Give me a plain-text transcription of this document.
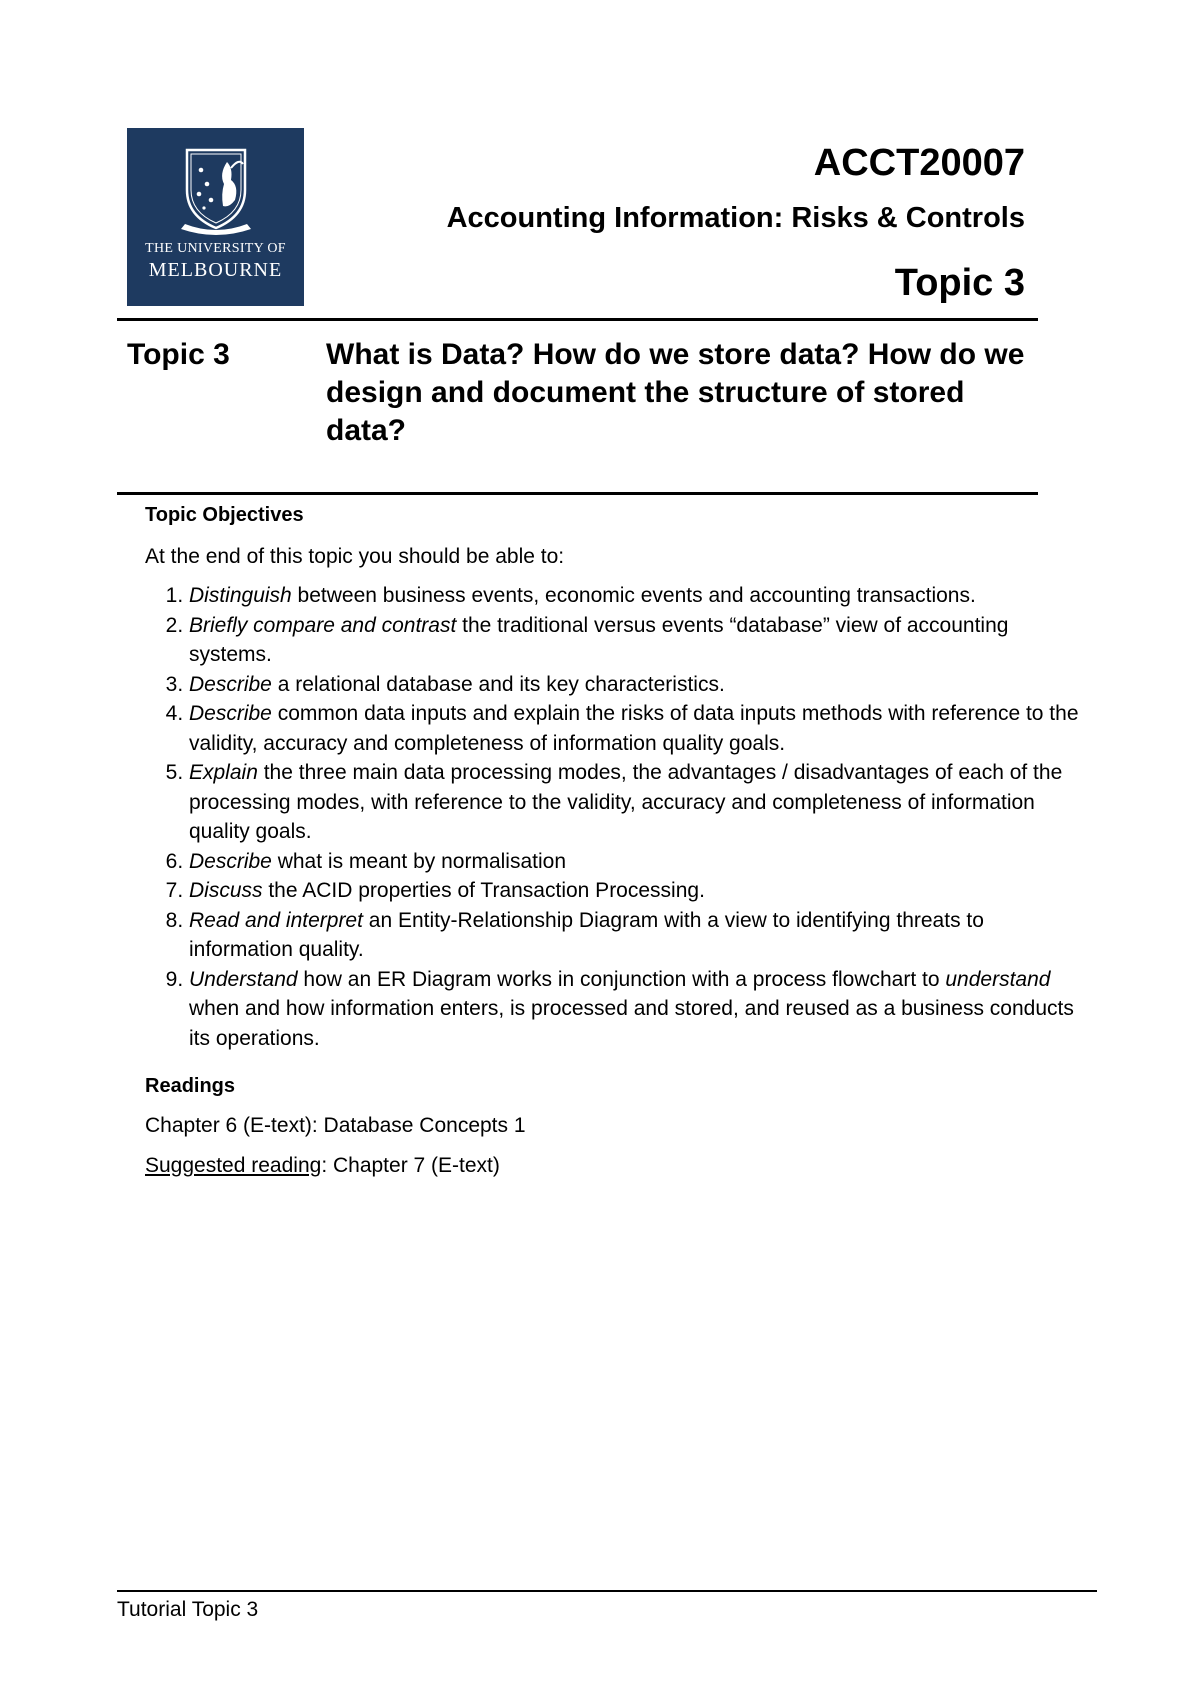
THE UNIVERSITY OF
MELBOURNE
ACCT20007
Accounting Information: Risks & Controls
Topic 3
Topic 3	What is Data? How do we store data? How do we design and document the structure of stored data?

Topic Objectives

At the end of this topic you should be able to:

1. Distinguish between business events, economic events and accounting transactions.
2. Briefly compare and contrast the traditional versus events “database” view of accounting systems.
3. Describe a relational database and its key characteristics.
4. Describe common data inputs and explain the risks of data inputs methods with reference to the validity, accuracy and completeness of information quality goals.
5. Explain the three main data processing modes, the advantages / disadvantages of each of the processing modes, with reference to the validity, accuracy and completeness of information quality goals.
6. Describe what is meant by normalisation
7. Discuss the ACID properties of Transaction Processing.
8. Read and interpret an Entity-Relationship Diagram with a view to identifying threats to information quality.
9. Understand how an ER Diagram works in conjunction with a process flowchart to understand when and how information enters, is processed and stored, and reused as a business conducts its operations.

Readings

Chapter 6 (E-text): Database Concepts 1

Suggested reading: Chapter 7 (E-text)

Tutorial Topic 3
